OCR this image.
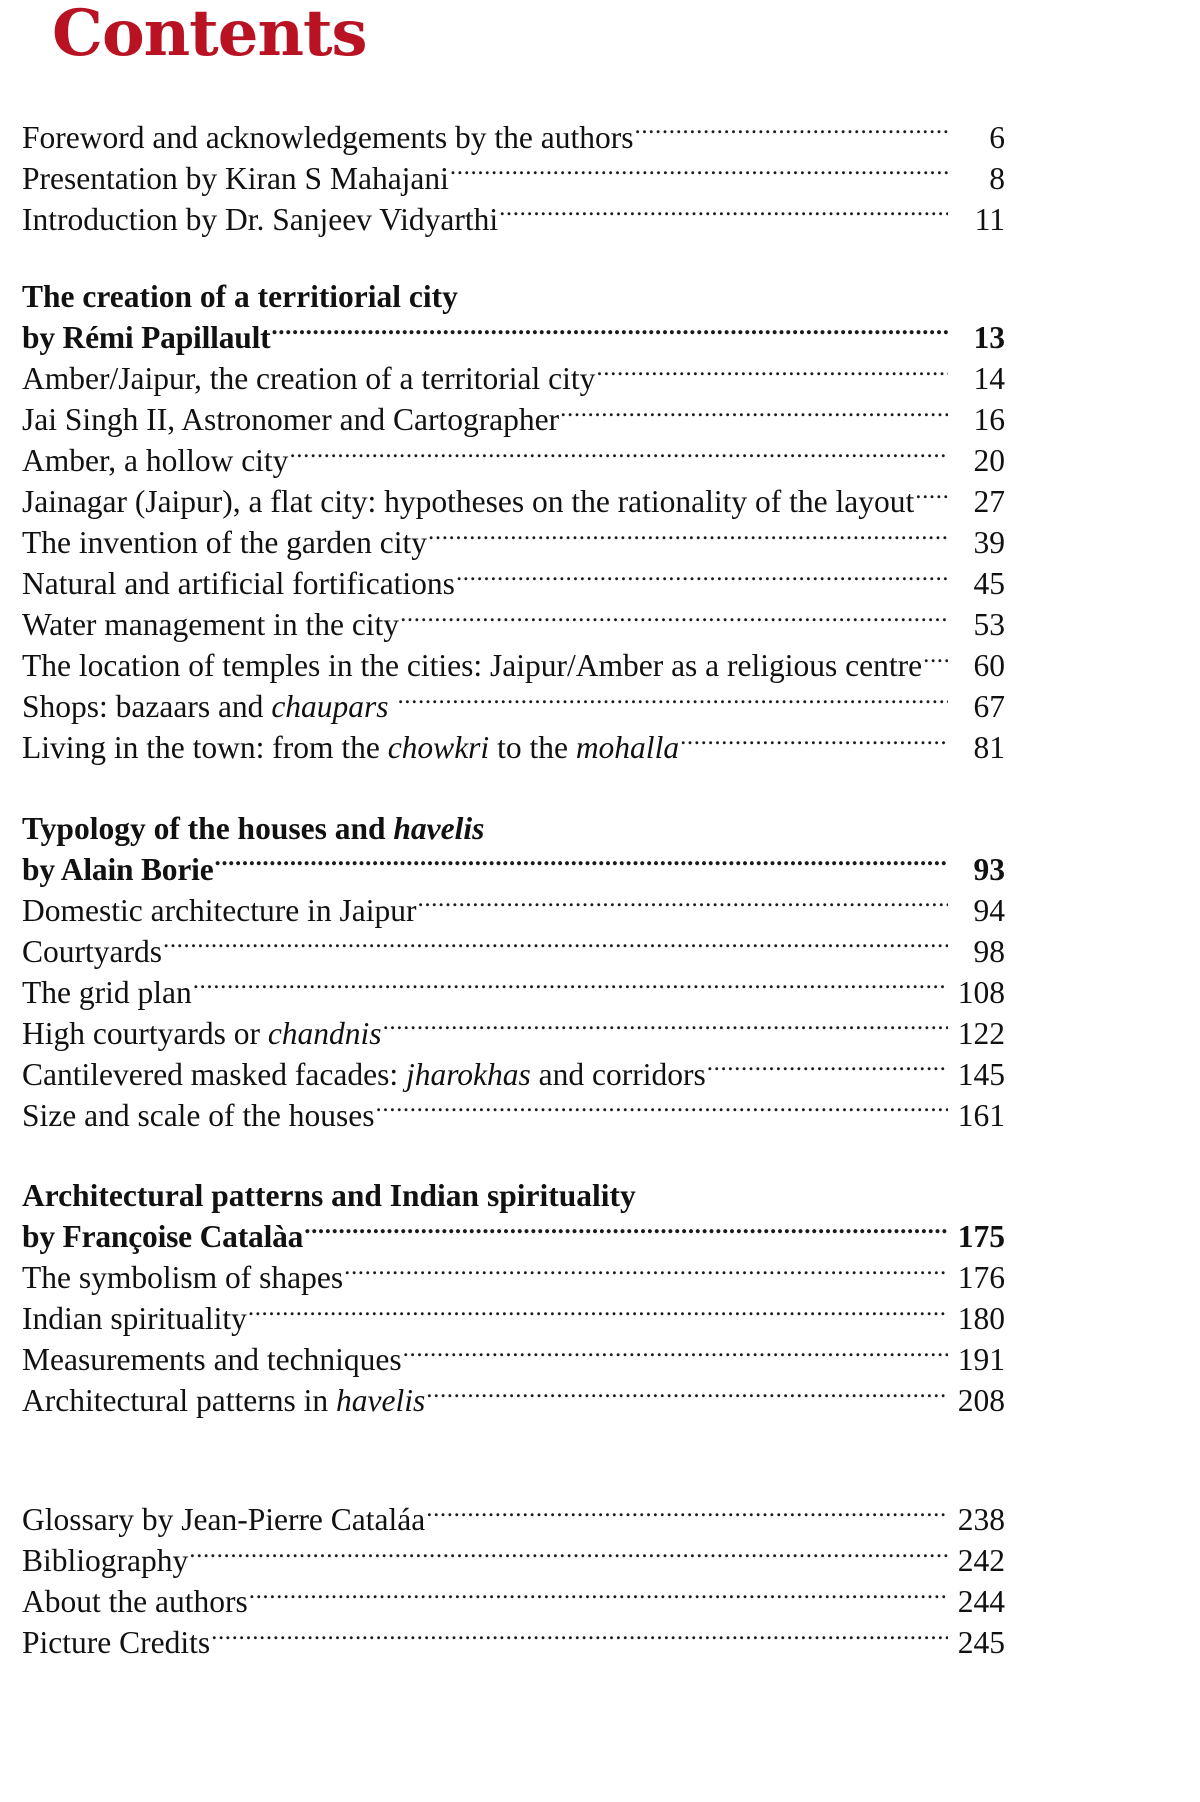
Contents
Foreword and acknowledgements by the authors .....	6
Presentation by Kiran S Mahajani .....	8
Introduction by Dr. Sanjeev Vidyarthi .....	11
The creation of a territiorial city
by Rémi Papillault .....	13
Amber/Jaipur, the creation of a territorial city .....	14
Jai Singh II, Astronomer and Cartographer .....	16
Amber, a hollow city .....	20
Jainagar (Jaipur), a flat city: hypotheses on the rationality of the layout .....	27
The invention of the garden city .....	39
Natural and artificial fortifications .....	45
Water management in the city .....	53
The location of temples in the cities: Jaipur/Amber as a religious centre .....	60
Shops: bazaars and chaupars .....	67
Living in the town: from the chowkri to the mohalla .....	81
Typology of the houses and havelis
by Alain Borie .....	93
Domestic architecture in Jaipur .....	94
Courtyards .....	98
The grid plan .....	108
High courtyards or chandnis .....	122
Cantilevered masked facades: jharokhas and corridors .....	145
Size and scale of the houses .....	161
Architectural patterns and Indian spirituality
by Françoise Catalàa .....	175
The symbolism of shapes .....	176
Indian spirituality .....	180
Measurements and techniques .....	191
Architectural patterns in havelis .....	208
Glossary by Jean-Pierre Cataláa .....	238
Bibliography .....	242
About the authors .....	244
Picture Credits .....	245
